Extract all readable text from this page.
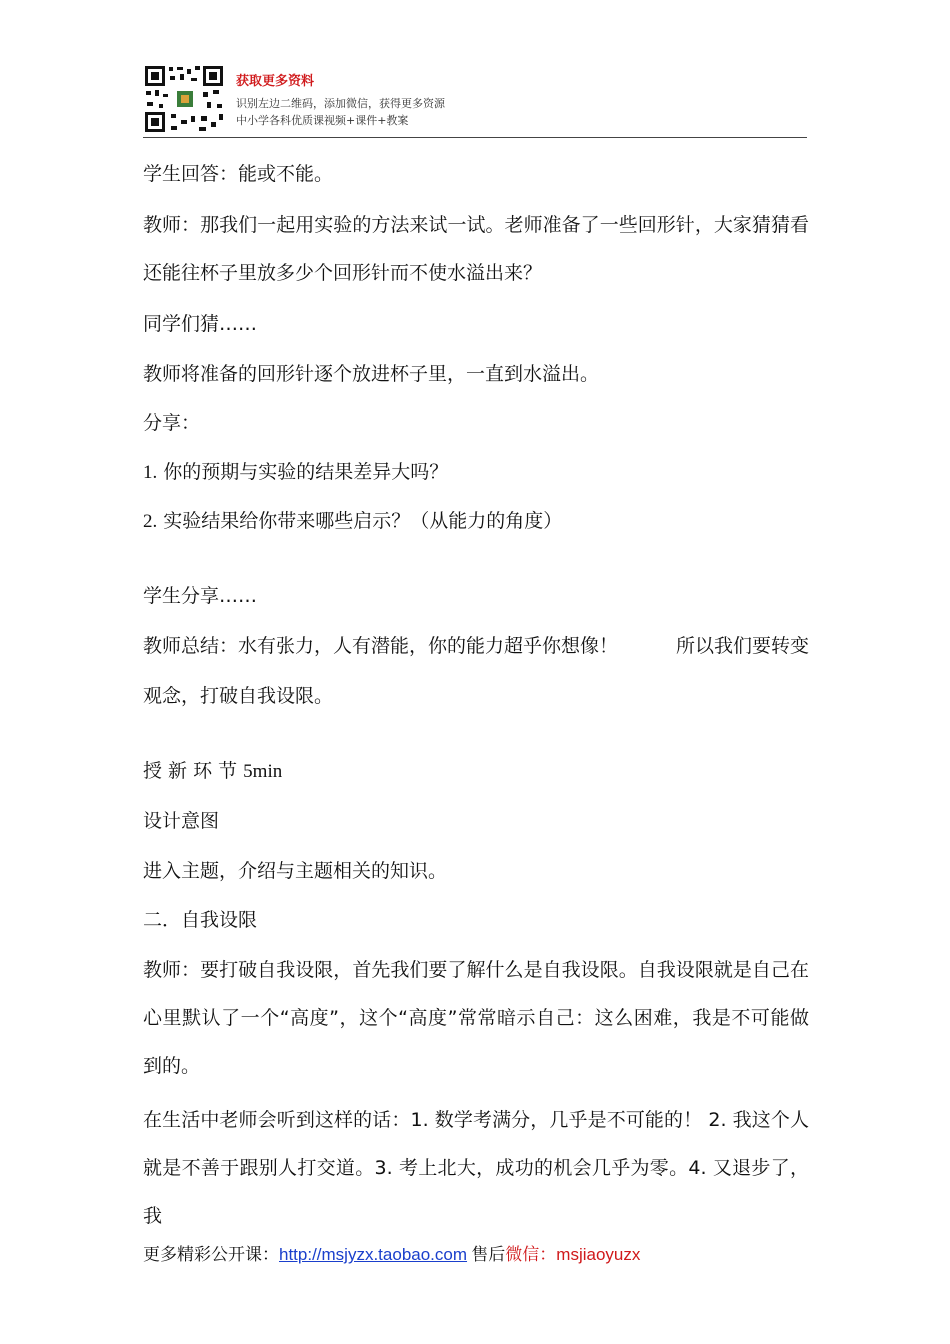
获取更多资料
识别左边二维码，添加微信，获得更多资源
中小学各科优质课视频+课件+教案

学生回答：能或不能。

教师：那我们一起用实验的方法来试一试。老师准备了一些回形针，大家猜猜看还能往杯子里放多少个回形针而不使水溢出来？

同学们猜……

教师将准备的回形针逐个放进杯子里，一直到水溢出。

分享：

1. 你的预期与实验的结果差异大吗？

2. 实验结果给你带来哪些启示？（从能力的角度）

学生分享……

教师总结：水有张力，人有潜能，你的能力超乎你想像！	所以我们要转变

观念，打破自我设限。

授 新 环 节 5min

设计意图

进入主题，介绍与主题相关的知识。

二．自我设限

教师：要打破自我设限，首先我们要了解什么是自我设限。自我设限就是自己在心里默认了一个“高度”，这个“高度”常常暗示自己：这么困难，我是不可能做到的。

在生活中老师会听到这样的话：1. 数学考满分，几乎是不可能的！ 2. 我这个人就是不善于跟别人打交道。3. 考上北大，成功的机会几乎为零。4. 又退步了，我

更多精彩公开课：http://msjyzx.taobao.com 售后微信：msjiaoyuzx
